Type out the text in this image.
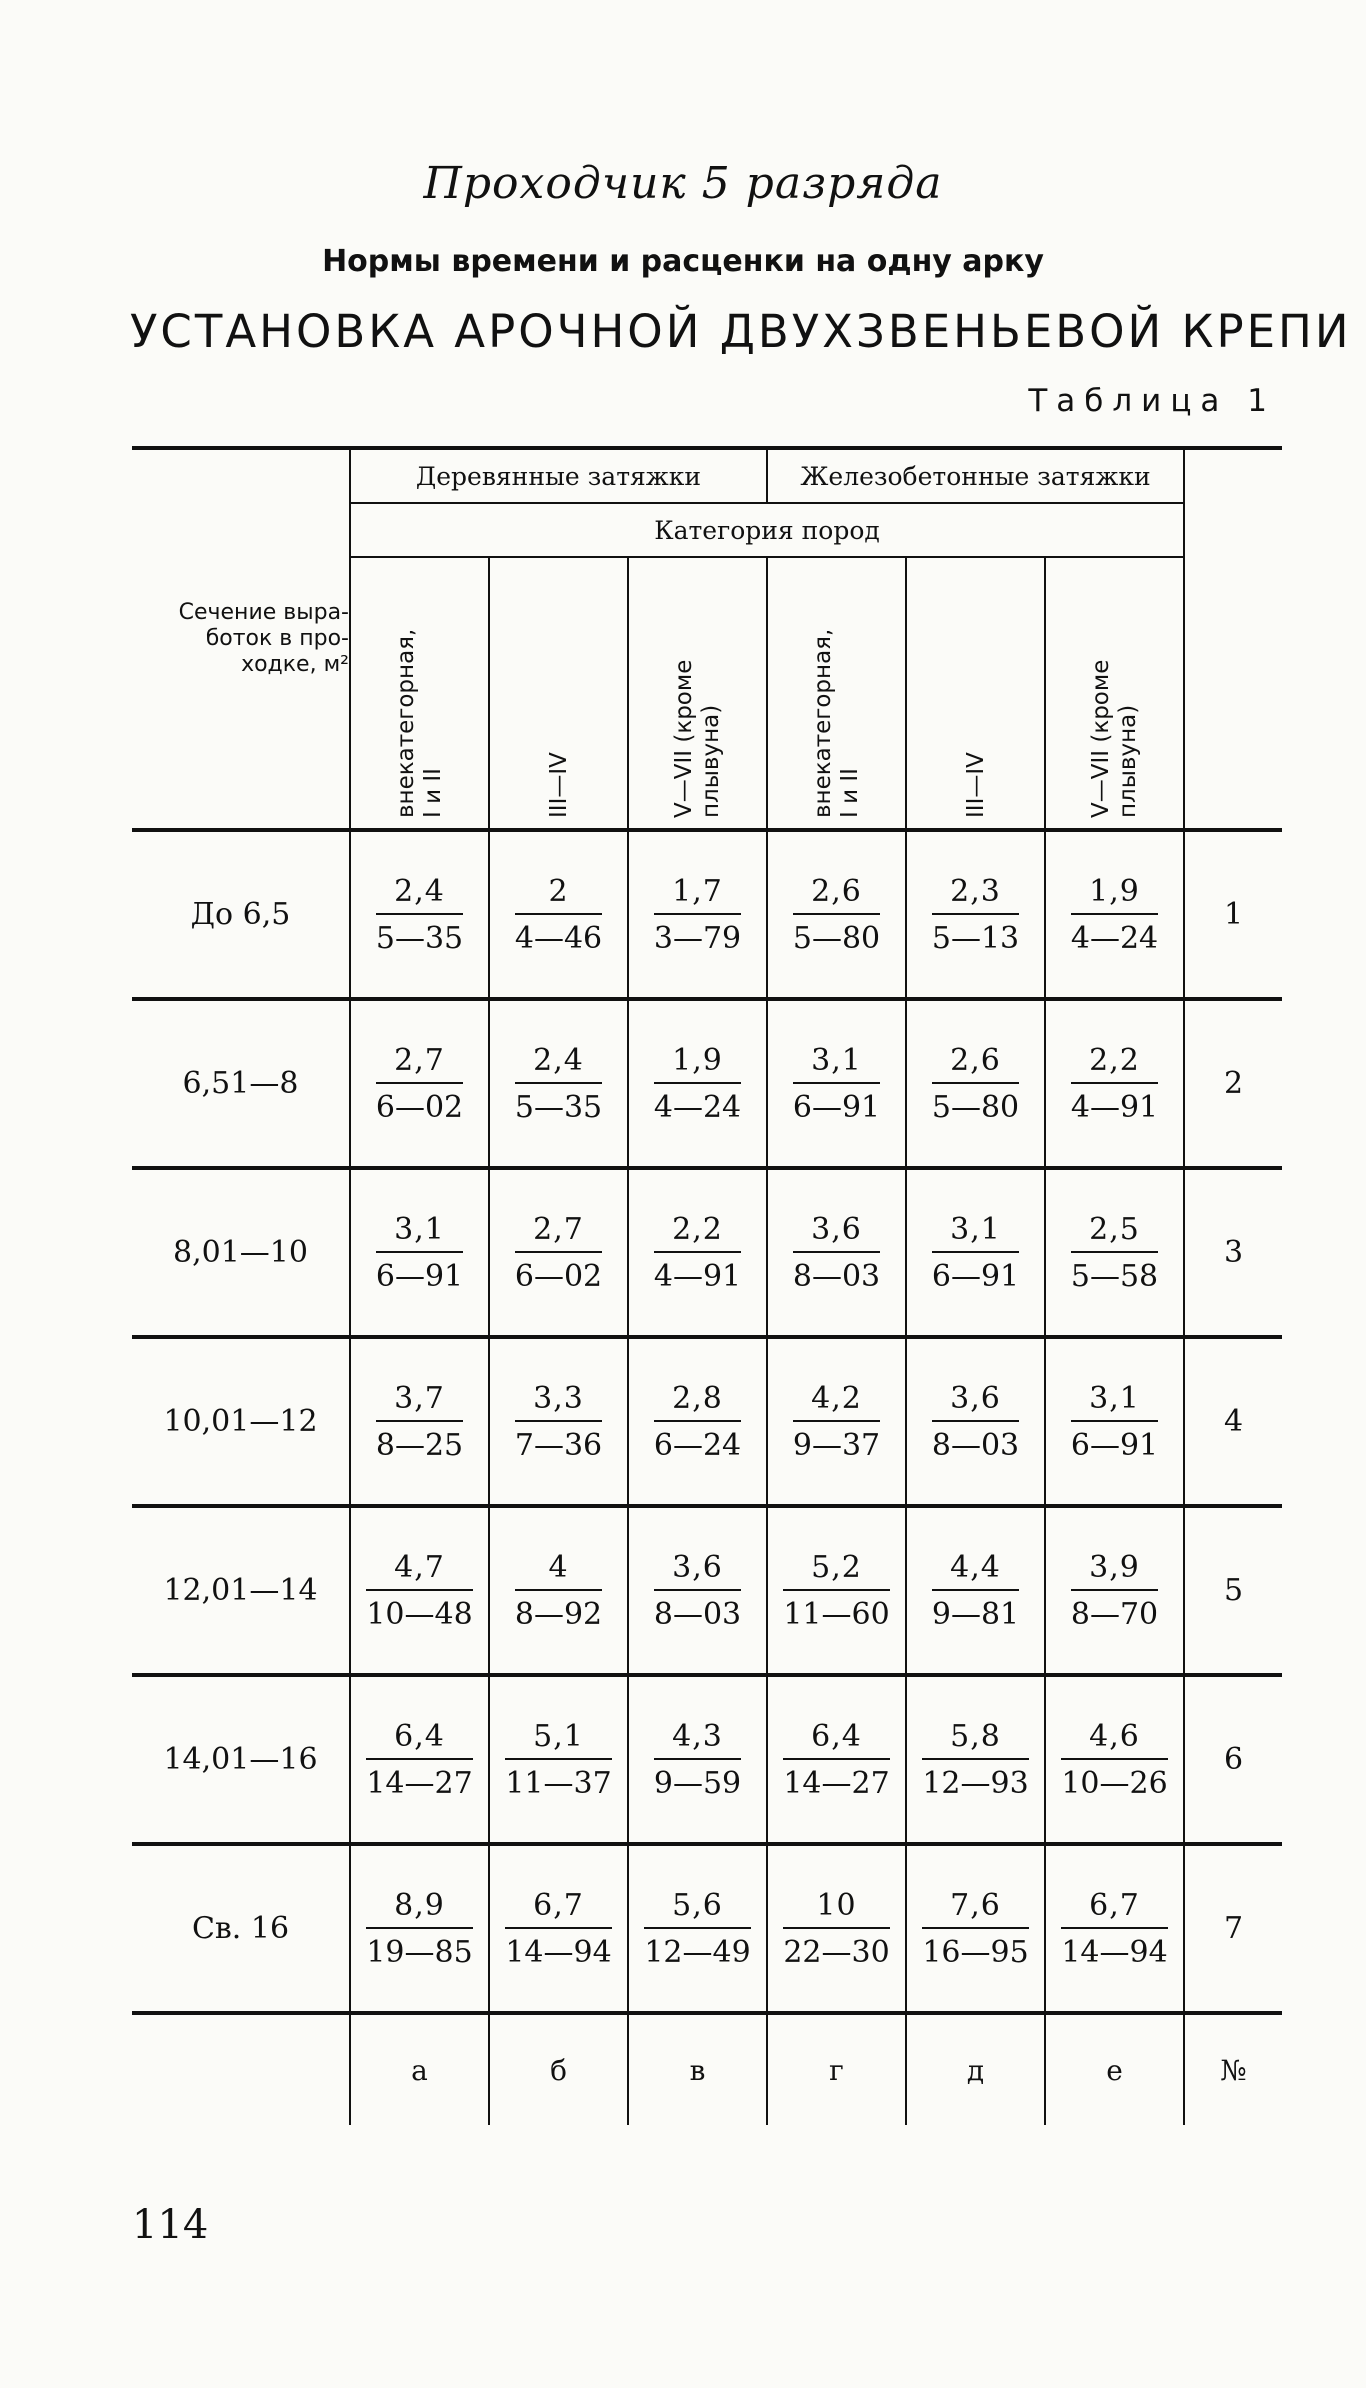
Проходчик 5 разряда
Нормы времени и расценки на одну арку
УСТАНОВКА АРОЧНОЙ ДВУХЗВЕНЬЕВОЙ КРЕПИ
Таблица 1
Сечение выра-
боток в про-
ходке, м²	Деревянные затяжки			Железобетонные затяжки			
	Категория пород						

	внекатегорная, I и II	III—IV	V—VII (кроме плывуна)	внекатегорная, I и II	III—IV	V—VII (кроме плывуна)	

До 6,5	$\frac{2,4}{5—35}$	$\frac{2}{4—46}$	$\frac{1,7}{3—79}$	$\frac{2,6}{5—80}$	$\frac{2,3}{5—13}$	$\frac{1,9}{4—24}$	1
6,51—8	$\frac{2,7}{6—02}$	$\frac{2,4}{5—35}$	$\frac{1,9}{4—24}$	$\frac{3,1}{6—91}$	$\frac{2,6}{5—80}$	$\frac{2,2}{4—91}$	2
8,01—10	$\frac{3,1}{6—91}$	$\frac{2,7}{6—02}$	$\frac{2,2}{4—91}$	$\frac{3,6}{8—03}$	$\frac{3,1}{6—91}$	$\frac{2,5}{5—58}$	3
10,01—12	$\frac{3,7}{8—25}$	$\frac{3,3}{7—36}$	$\frac{2,8}{6—24}$	$\frac{4,2}{9—37}$	$\frac{3,6}{8—03}$	$\frac{3,1}{6—91}$	4
12,01—14	$\frac{4,7}{10—48}$	$\frac{4}{8—92}$	$\frac{3,6}{8—03}$	$\frac{5,2}{11—60}$	$\frac{4,4}{9—81}$	$\frac{3,9}{8—70}$	5
14,01—16	$\frac{6,4}{14—27}$	$\frac{5,1}{11—37}$	$\frac{4,3}{9—59}$	$\frac{6,4}{14—27}$	$\frac{5,8}{12—93}$	$\frac{4,6}{10—26}$	6
Св. 16	$\frac{8,9}{19—85}$	$\frac{6,7}{14—94}$	$\frac{5,6}{12—49}$	$\frac{10}{22—30}$	$\frac{7,6}{16—95}$	$\frac{6,7}{14—94}$	7
	а	б	в	г	д	е	№
114
